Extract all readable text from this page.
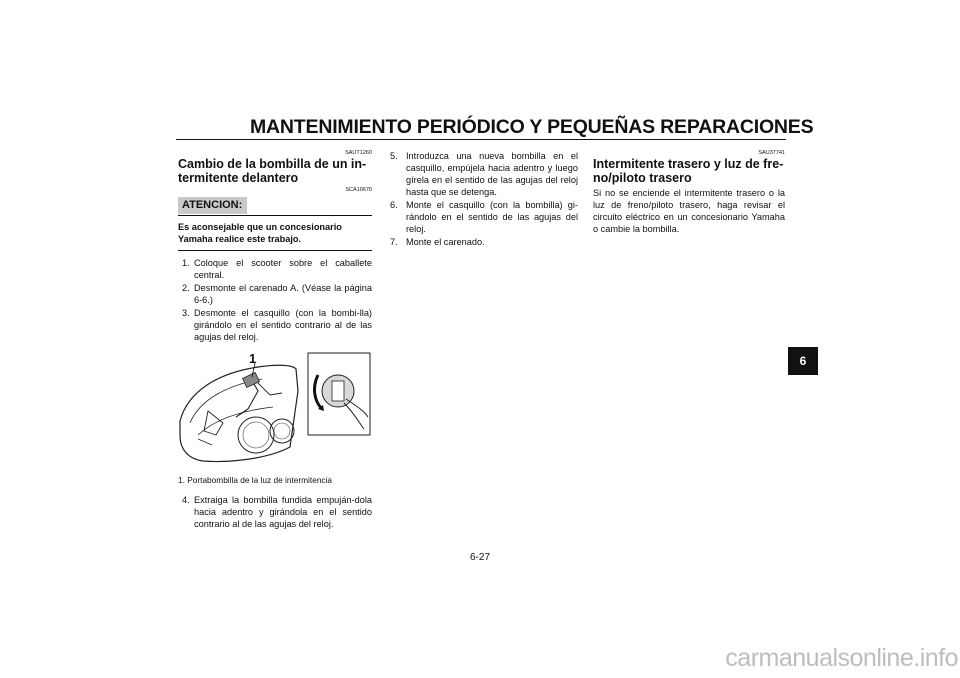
MANTENIMIENTO PERIÓDICO Y PEQUEÑAS REPARACIONES
SAUT1260
Cambio de la bombilla de un in-termitente delantero
SCA10670
ATENCION:
Es aconsejable que un concesionario Yamaha realice este trabajo.
1. Coloque el scooter sobre el caballete central.
2. Desmonte el carenado A. (Véase la página 6-6.)
3. Desmonte el casquillo (con la bombi-lla) girándolo en el sentido contrario al de las agujas del reloj.
1
1. Portabombilla de la luz de intermitencia
4. Extraiga la bombilla fundida empuján-dola hacia adentro y girándola en el sentido contrario al de las agujas del reloj.
5. Introduzca una nueva bombilla en el casquillo, empújela hacia adentro y luego gírela en el sentido de las agujas del reloj hasta que se detenga.
6. Monte el casquillo (con la bombilla) gi-rándolo en el sentido de las agujas del reloj.
7. Monte el carenado.
SAU37741
Intermitente trasero y luz de fre-no/piloto trasero

Si no se enciende el intermitente trasero o la luz de freno/piloto trasero, haga revisar el circuito eléctrico en un concesionario Yamaha o cambie la bombilla.

6
6-27
carmanualsonline.info
